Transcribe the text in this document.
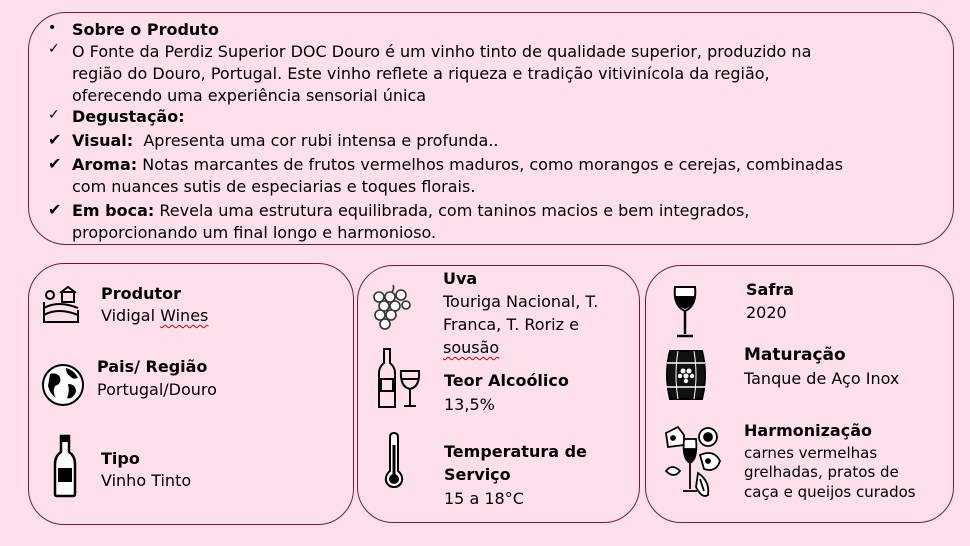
• Sobre o Produto
✓ O Fonte da Perdiz Superior DOC Douro é um vinho tinto de qualidade superior, produzido na
região do Douro, Portugal. Este vinho reflete a riqueza e tradição vitivinícola da região,
oferecendo uma experiência sensorial única
✓ Degustação:
✔ Visual: Apresenta uma cor rubi intensa e profunda..
✔ Aroma: Notas marcantes de frutos vermelhos maduros, como morangos e cerejas, combinadas
com nuances sutis de especiarias e toques florais.
✔ Em boca: Revela uma estrutura equilibrada, com taninos macios e bem integrados,
proporcionando um final longo e harmonioso.
Produtor
Vidigal Wines
Pais/ Região
Portugal/Douro
Tipo
Vinho Tinto
Uva
Touriga Nacional, T.
Franca, T. Roriz e
sousão
Teor Alcoólico
13,5%
Temperatura de
Serviço
15 a 18°C
Safra
2020
Maturação
Tanque de Aço Inox
Harmonização
carnes vermelhas
grelhadas, pratos de
caça e queijos curados
